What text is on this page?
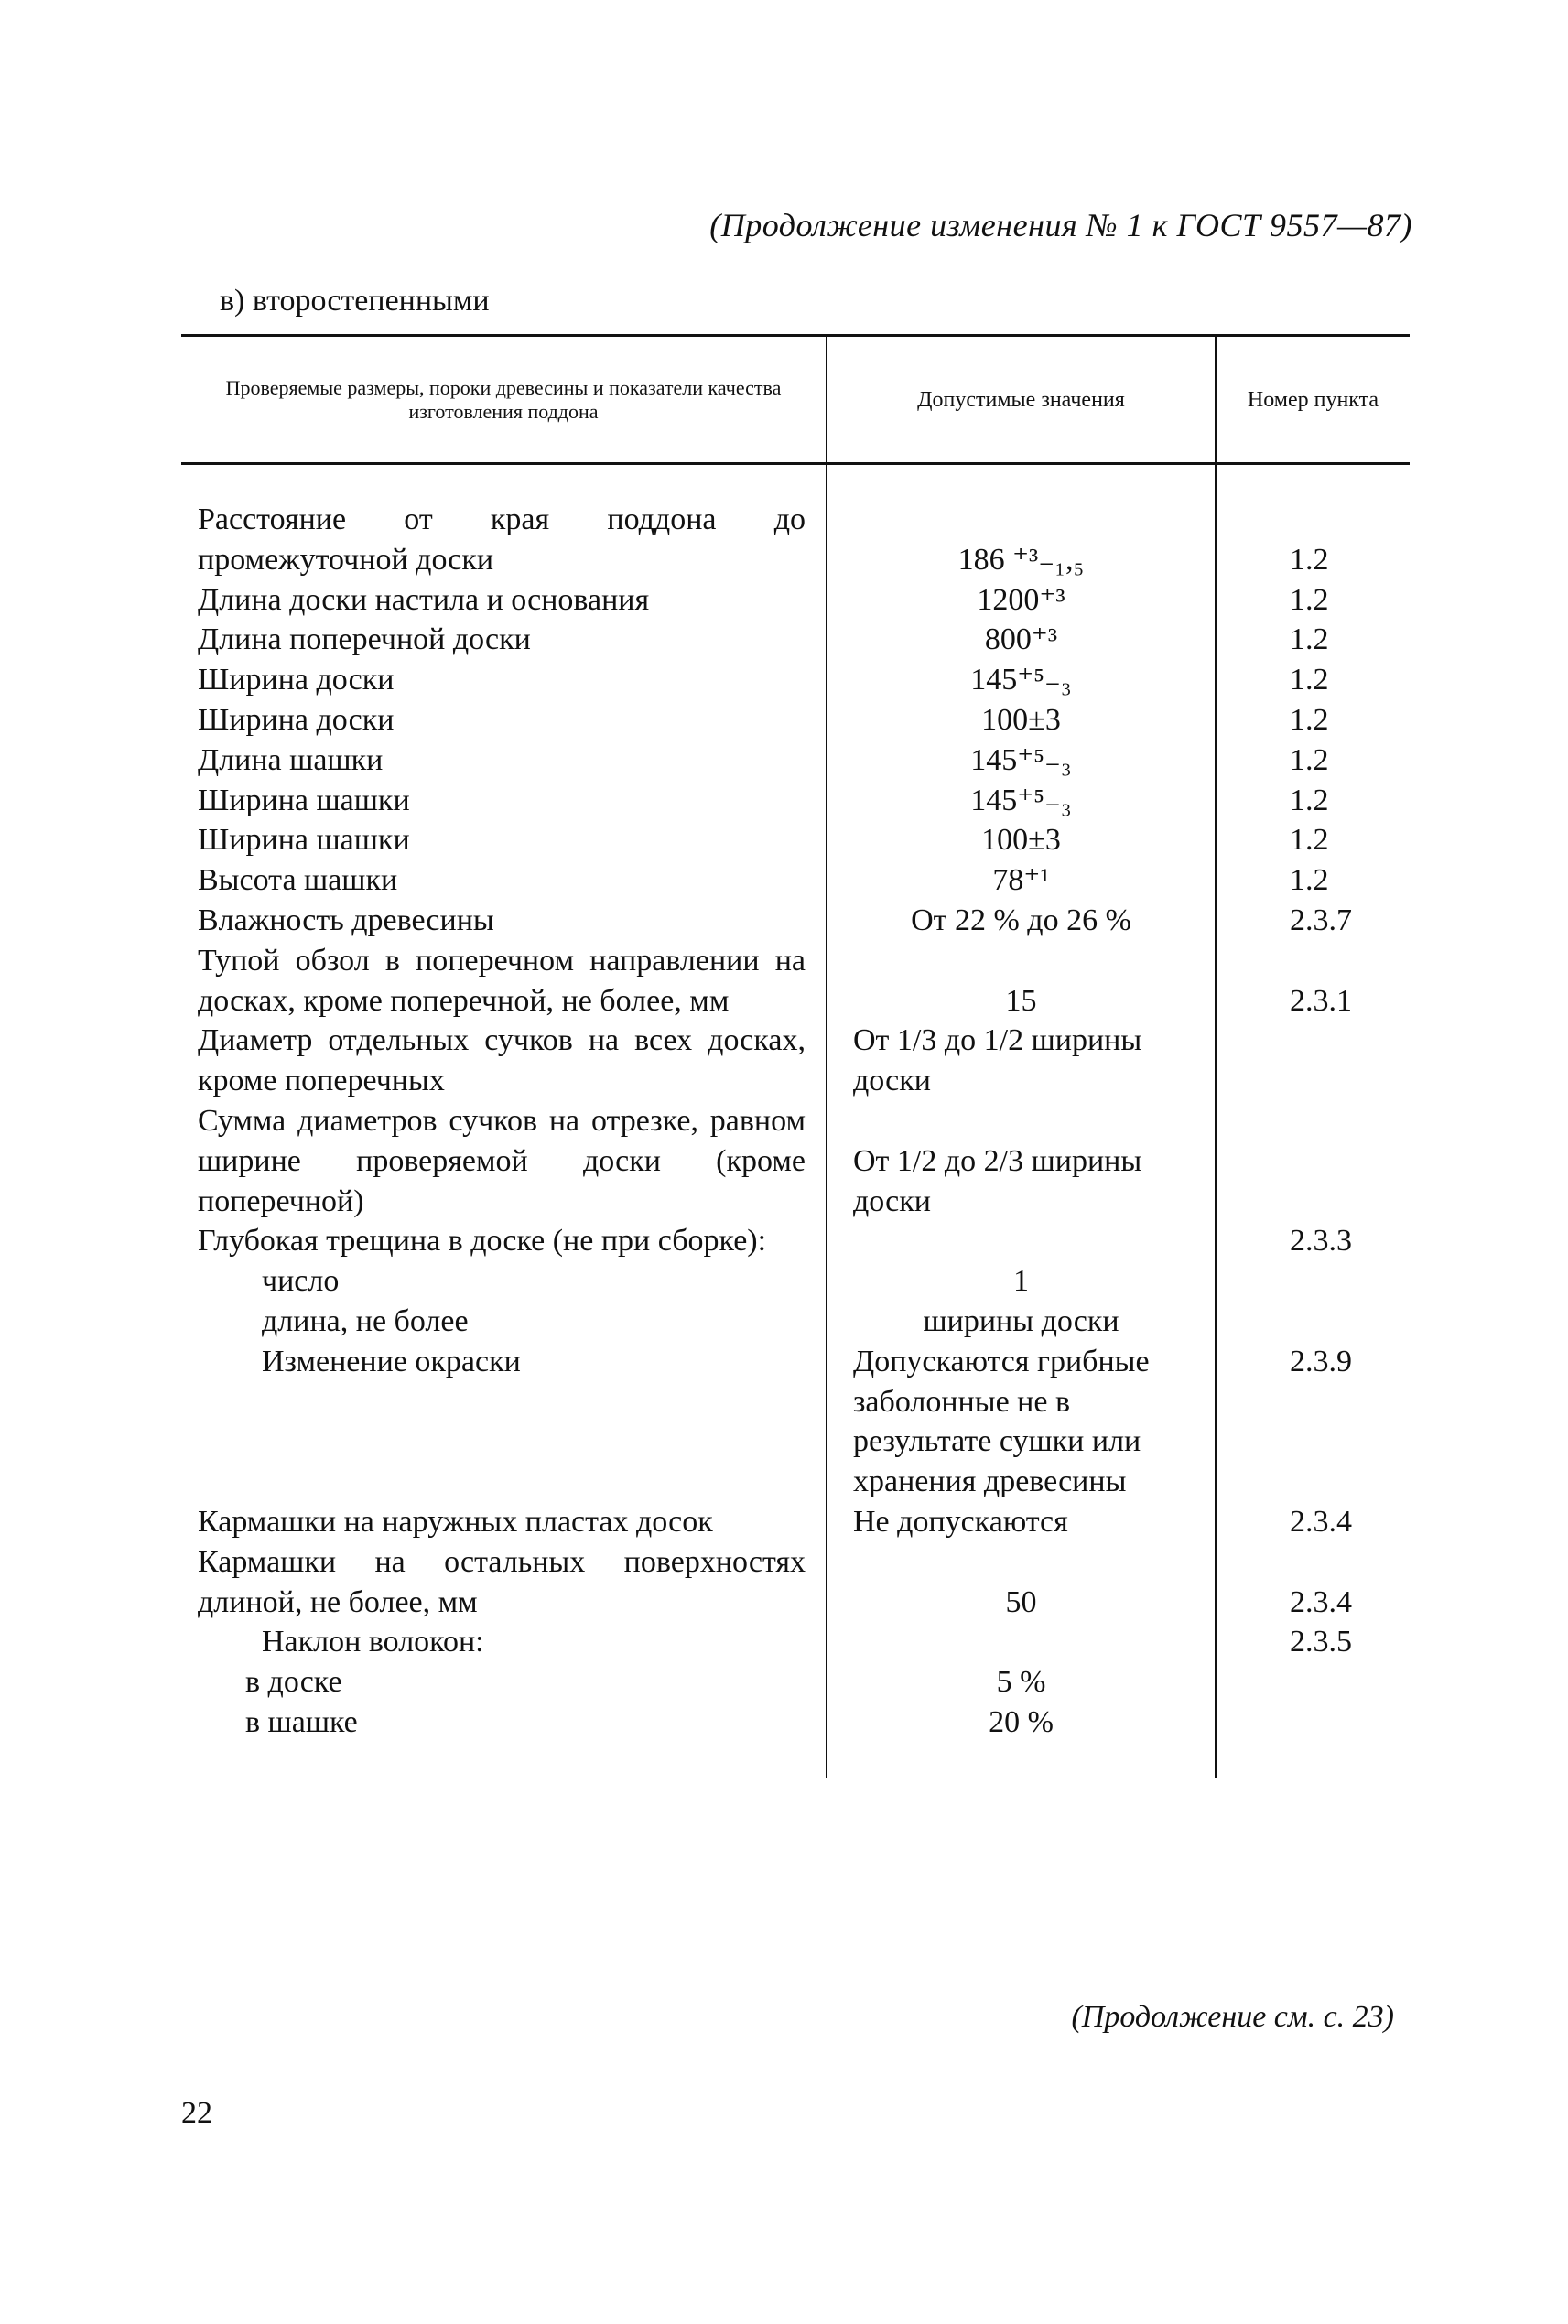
(Продолжение изменения № 1 к ГОСТ 9557—87)
в) второстепенными
Проверяемые размеры, пороки древесины и показатели качества изготовления поддона	Допустимые значения	Номер пункта

Расстояние от края поддона до промежуточной доски	186 ⁺³₋₁,₅	1.2
Длина доски настила и основания	1200⁺³	1.2
Длина поперечной доски	800⁺³	1.2
Ширина доски	145⁺⁵₋₃	1.2
Ширина доски	100±3	1.2
Длина шашки	145⁺⁵₋₃	1.2
Ширина шашки	145⁺⁵₋₃	1.2
Ширина шашки	100±3	1.2
Высота шашки	78⁺¹	1.2
Влажность древесины	От 22 % до 26 %	2.3.7
Тупой обзол в поперечном направлении на досках, кроме поперечной, не более, мм	15	2.3.1
Диаметр отдельных сучков на всех досках, кроме поперечных	От 1/3 до 1/2 ширины доски	
Сумма диаметров сучков на отрезке, равном ширине проверяемой доски (кроме поперечной)	От 1/2 до 2/3 ширины доски	
Глубокая трещина в доске (не при сборке):		2.3.3
число	1	
длина, не более	ширины доски	
Изменение окраски	Допускаются грибные заболонные не в результате сушки или хранения древесины	2.3.9
Кармашки на наружных пластах досок	Не допускаются	2.3.4
Кармашки на остальных поверхностях длиной, не более, мм	50	2.3.4
Наклон волокон:		2.3.5
в доске	5 %	
в шашке	20 %	

(Продолжение см. с. 23)
22
